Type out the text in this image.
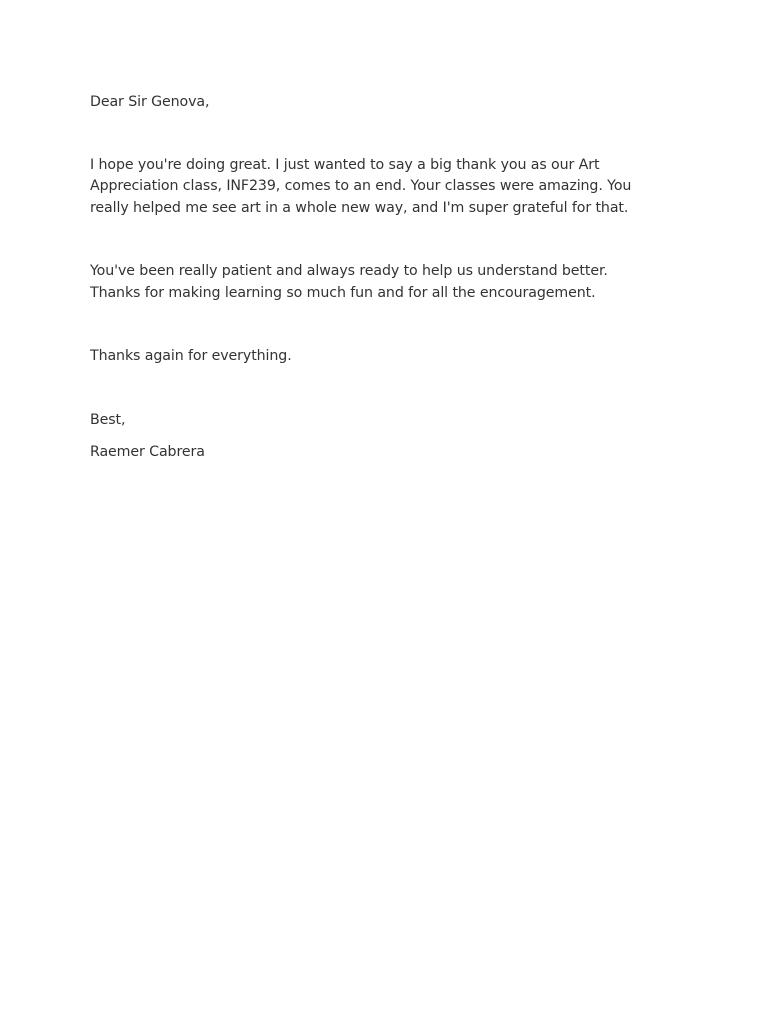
Dear Sir Genova,
I hope you're doing great. I just wanted to say a big thank you as our Art
Appreciation class, INF239, comes to an end. Your classes were amazing. You
really helped me see art in a whole new way, and I'm super grateful for that.
You've been really patient and always ready to help us understand better.
Thanks for making learning so much fun and for all the encouragement.
Thanks again for everything.
Best,
Raemer Cabrera
